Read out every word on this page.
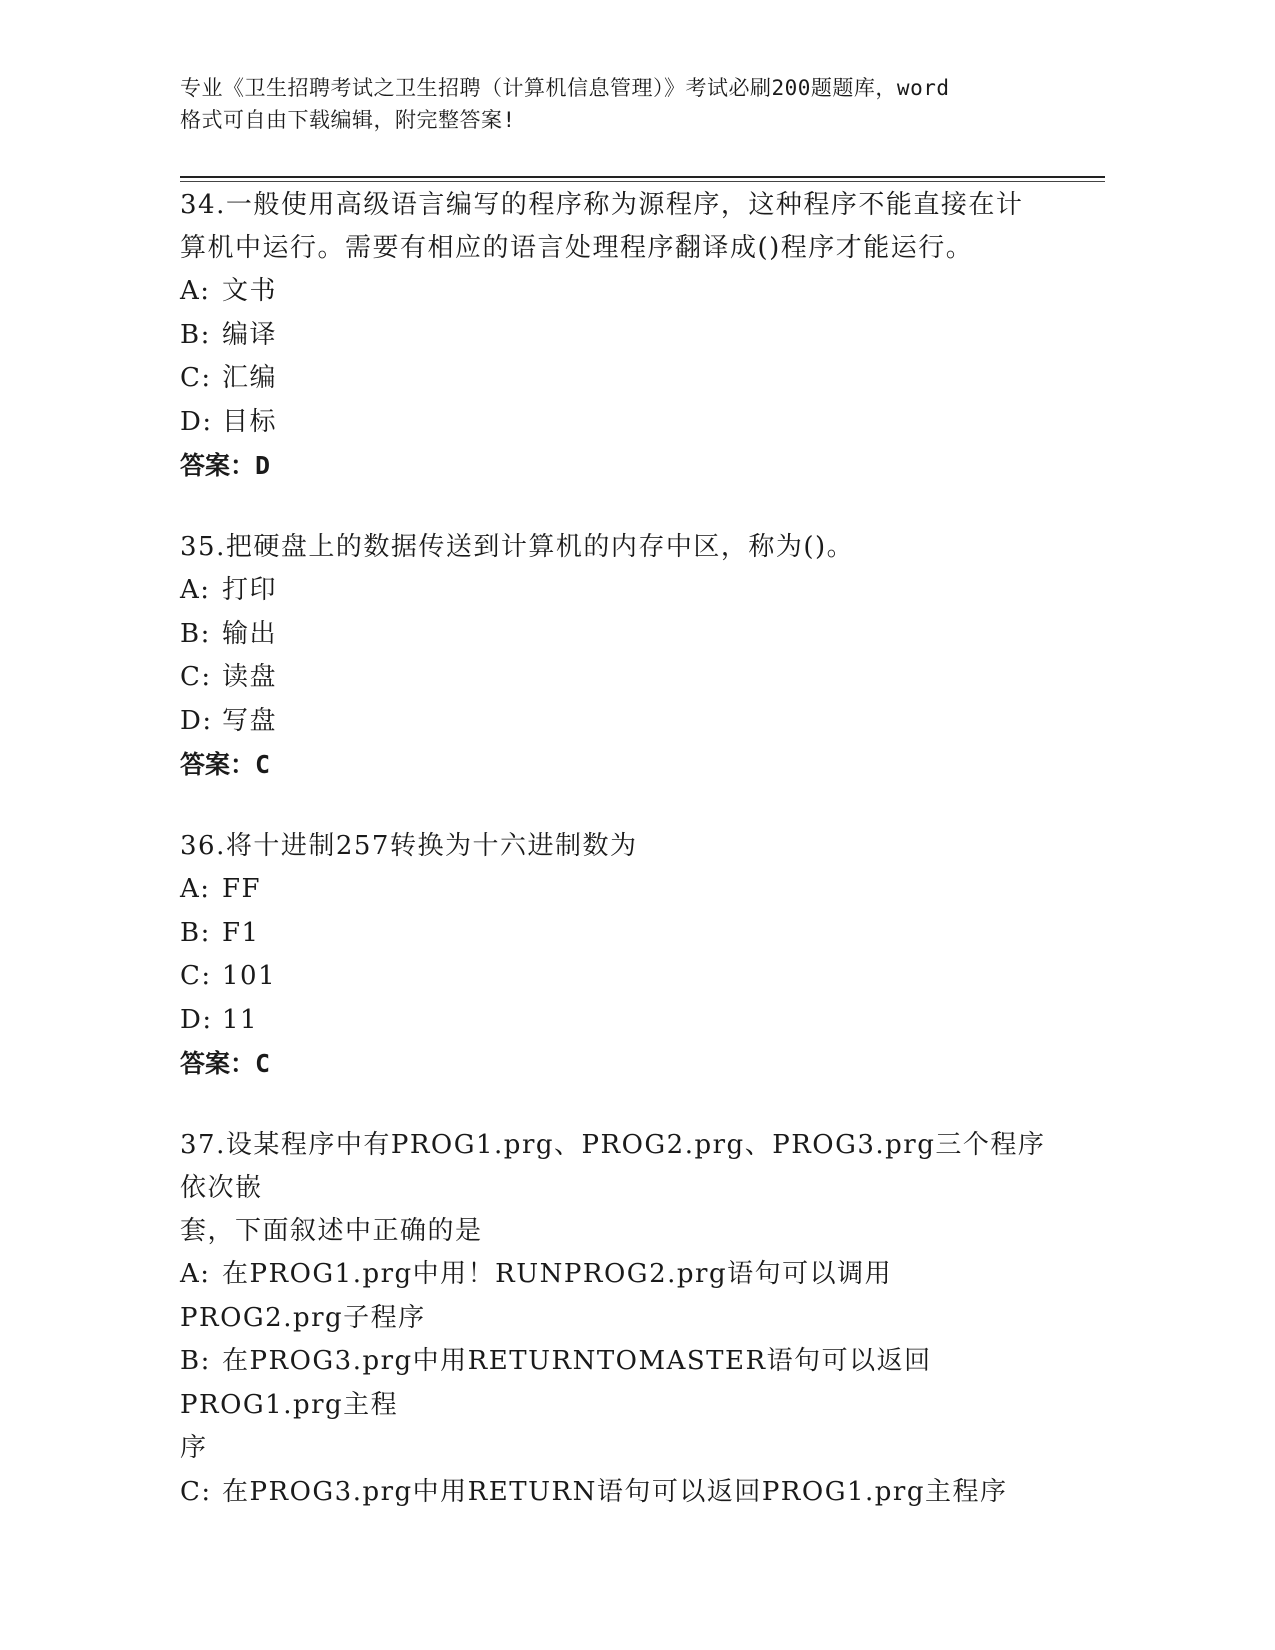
专业《卫生招聘考试之卫生招聘（计算机信息管理）》考试必刷200题题库，word
格式可自由下载编辑，附完整答案!

34.一般使用高级语言编写的程序称为源程序，这种程序不能直接在计

算机中运行。需要有相应的语言处理程序翻译成()程序才能运行。

A: 文书

B: 编译

C: 汇编

D: 目标

答案：D

35.把硬盘上的数据传送到计算机的内存中区，称为()。

A: 打印

B: 输出

C: 读盘

D: 写盘

答案：C

36.将十进制257转换为十六进制数为

A: FF

B: F1

C: 101

D: 11

答案：C

37.设某程序中有PROG1.prg、PROG2.prg、PROG3.prg三个程序依次嵌

套，下面叙述中正确的是

A: 在PROG1.prg中用！RUNPROG2.prg语句可以调用PROG2.prg子程序

B: 在PROG3.prg中用RETURNTOMASTER语句可以返回PROG1.prg主程

序

C: 在PROG3.prg中用RETURN语句可以返回PROG1.prg主程序
